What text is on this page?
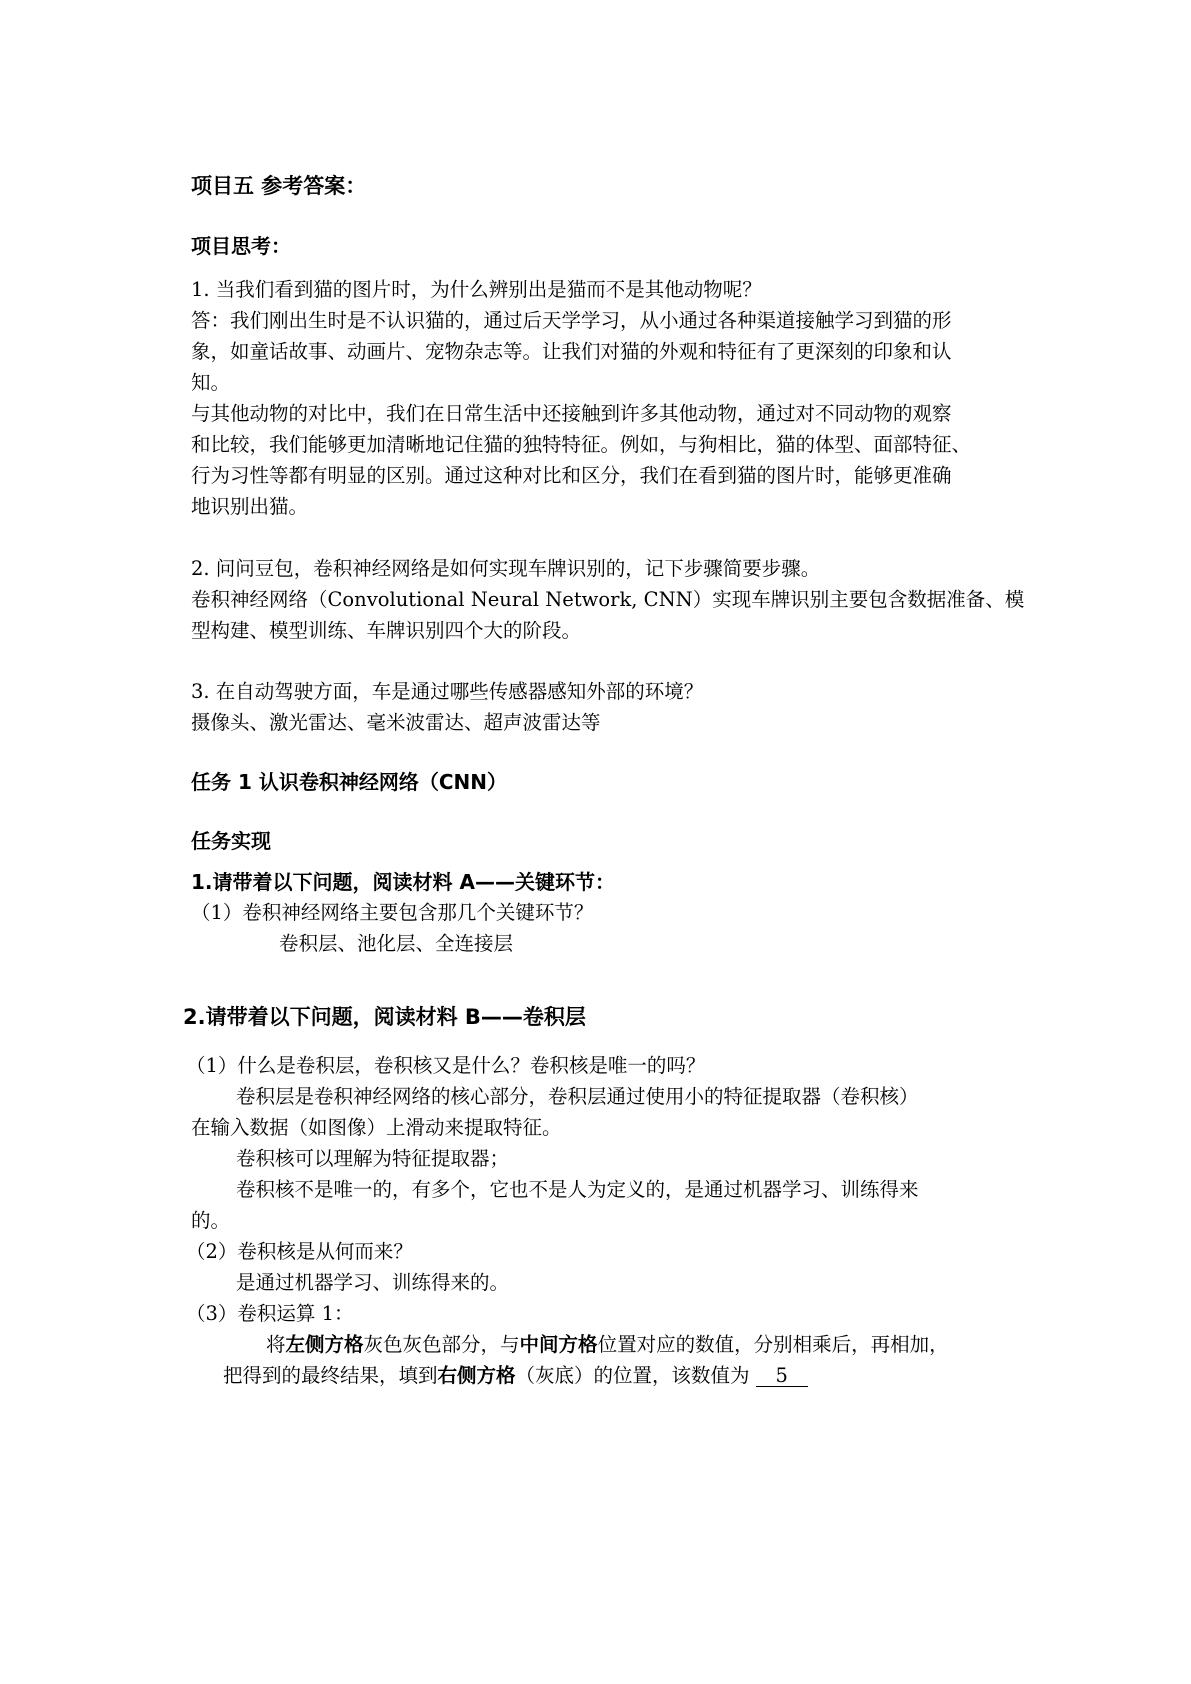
项目五 参考答案：
项目思考：
1. 当我们看到猫的图片时，为什么辨别出是猫而不是其他动物呢？
答：我们刚出生时是不认识猫的，通过后天学学习，从小通过各种渠道接触学习到猫的形
象，如童话故事、动画片、宠物杂志等。让我们对猫的外观和特征有了更深刻的印象和认
知。
与其他动物的对比中，我们在日常生活中还接触到许多其他动物，通过对不同动物的观察
和比较，我们能够更加清晰地记住猫的独特特征。例如，与狗相比，猫的体型、面部特征、
行为习性等都有明显的区别。通过这种对比和区分，我们在看到猫的图片时，能够更准确
地识别出猫。
2. 问问豆包，卷积神经网络是如何实现车牌识别的，记下步骤简要步骤。
卷积神经网络（Convolutional Neural Network, CNN）实现车牌识别主要包含数据准备、模
型构建、模型训练、车牌识别四个大的阶段。
3. 在自动驾驶方面，车是通过哪些传感器感知外部的环境？
摄像头、激光雷达、毫米波雷达、超声波雷达等
任务 1 认识卷积神经网络（CNN）
任务实现
1.请带着以下问题，阅读材料 A——关键环节：
（1）卷积神经网络主要包含那几个关键环节？
卷积层、池化层、全连接层
2.请带着以下问题，阅读材料 B——卷积层
（1）什么是卷积层，卷积核又是什么？卷积核是唯一的吗？
卷积层是卷积神经网络的核心部分，卷积层通过使用小的特征提取器（卷积核）
在输入数据（如图像）上滑动来提取特征。
卷积核可以理解为特征提取器；
卷积核不是唯一的，有多个，它也不是人为定义的，是通过机器学习、训练得来
的。
（2）卷积核是从何而来？
是通过机器学习、训练得来的。
（3）卷积运算 1：
将左侧方格灰色灰色部分，与中间方格位置对应的数值，分别相乘后，再相加，
把得到的最终结果，填到右侧方格（灰底）的位置，该数值为 5
